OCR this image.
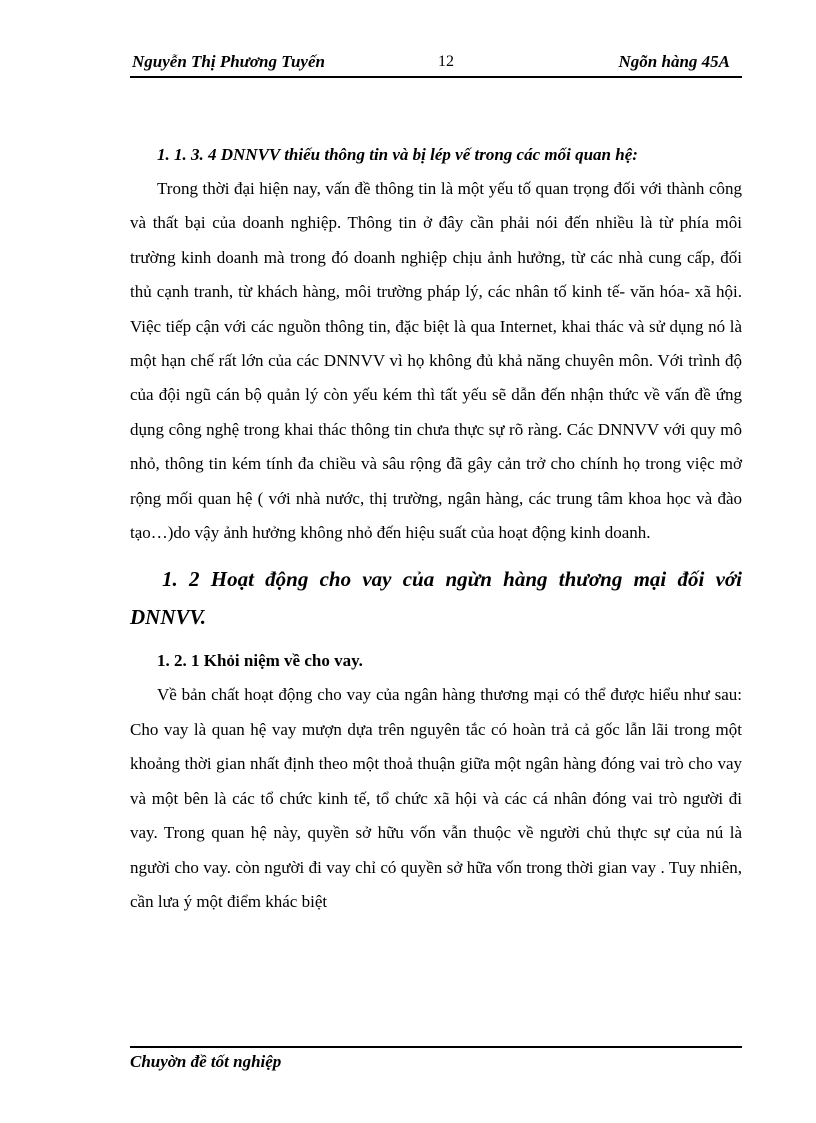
Nguyễn Thị Phương Tuyến	12	Ngõn hàng 45A

1. 1. 3. 4 DNNVV thiếu thông tin và bị lép vế trong các mối quan hệ:

Trong thời đại hiện nay, vấn đề thông tin là một yếu tố quan trọng đối với thành công và thất bại của doanh nghiệp. Thông tin ở đây cần phải nói đến nhiều là từ phía môi trường kinh doanh mà trong đó doanh nghiệp chịu ảnh hưởng, từ các nhà cung cấp, đối thủ cạnh tranh, từ khách hàng, môi trường pháp lý, các nhân tố kinh tế- văn hóa- xã hội. Việc tiếp cận với các nguồn thông tin, đặc biệt là qua Internet, khai thác và sử dụng nó là một hạn chế rất lớn của các DNNVV vì họ không đủ khả năng chuyên môn. Với trình độ của đội ngũ cán bộ quản lý còn yếu kém thì tất yếu sẽ dẫn đến nhận thức về vấn đề ứng dụng công nghệ trong khai thác thông tin chưa thực sự rõ ràng. Các DNNVV với quy mô nhỏ, thông tin kém tính đa chiều và sâu rộng đã gây cản trở cho chính họ trong việc mở rộng mối quan hệ ( với nhà nước, thị trường, ngân hàng, các trung tâm khoa học và đào tạo…)do vậy ảnh hưởng không nhỏ đến hiệu suất của hoạt động kinh doanh.

1. 2 Hoạt động cho vay của ngừn hàng thương mại đối với DNNVV.

1. 2. 1 Khỏi niệm về cho vay.

Về bản chất hoạt động cho vay của ngân hàng thương mại có thể được hiểu như sau: Cho vay là quan hệ vay mượn dựa trên nguyên tắc có hoàn trả cả gốc lẫn lãi trong một khoảng thời gian nhất định theo một thoả thuận giữa một ngân hàng đóng vai trò cho vay và một bên là các tổ chức kinh tế, tổ chức xã hội và các cá nhân đóng vai trò người đi vay. Trong quan hệ này, quyền sở hữu vốn vẫn thuộc về người chủ thực sự của nú là người cho vay. còn người đi vay chỉ có quyền sở hữa vốn trong thời gian vay . Tuy nhiên, cần lưa ý một điểm khác biệt

Chuyờn đề tốt nghiệp
